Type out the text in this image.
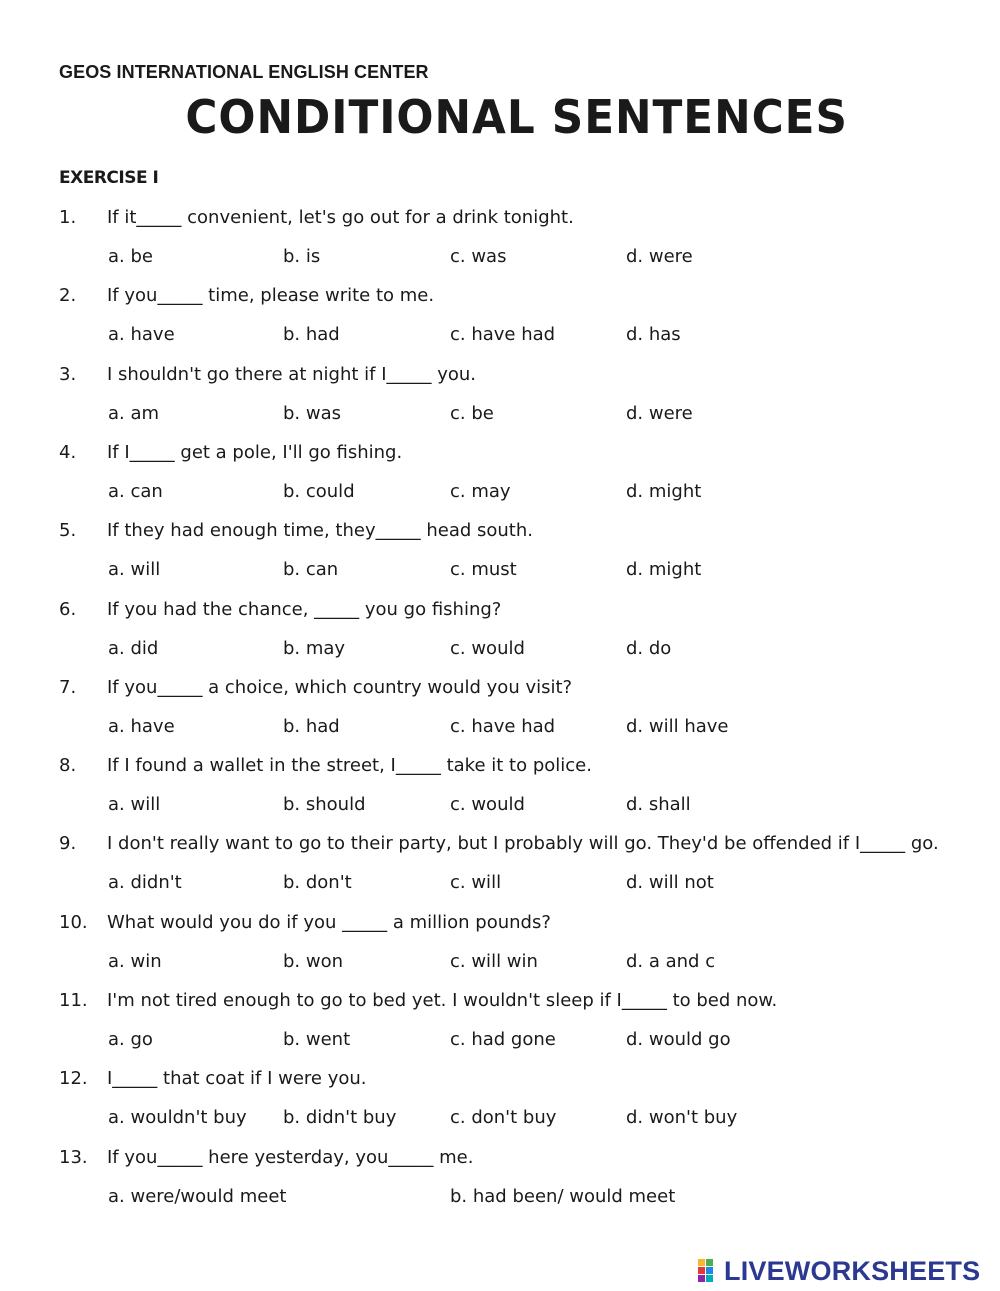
GEOS INTERNATIONAL ENGLISH CENTER
CONDITIONAL SENTENCES
EXERCISE I
1.	If it_____ convenient, let's go out for a drink tonight.
a. be	b. is	c. was	d. were
2.	If you_____ time, please write to me.
a. have	b. had	c. have had	d. has
3.	I shouldn't go there at night if I_____ you.
a. am	b. was	c. be	d. were
4.	If I_____ get a pole, I'll go fishing.
a. can	b. could	c. may	d. might
5.	If they had enough time, they_____ head south.
a. will	b. can	c. must	d. might
6.	If you had the chance, _____ you go fishing?
a. did	b. may	c. would	d. do
7.	If you_____ a choice, which country would you visit?
a. have	b. had	c. have had	d. will have
8.	If I found a wallet in the street, I_____ take it to police.
a. will	b. should	c. would	d. shall
9.	I don't really want to go to their party, but I probably will go. They'd be offended if I_____ go.
a. didn't	b. don't	c. will	d. will not
10.	What would you do if you _____ a million pounds?
a. win	b. won	c. will win	d. a and c
11.	I'm not tired enough to go to bed yet. I wouldn't sleep if I_____ to bed now.
a. go	b. went	c. had gone	d. would go
12.	I_____ that coat if I were you.
a. wouldn't buy b. didn't buy	c. don't buy	d. won't buy
13.	If you_____ here yesterday, you_____ me.
a. were/would meet	b. had been/ would meet
LIVEWORKSHEETS
